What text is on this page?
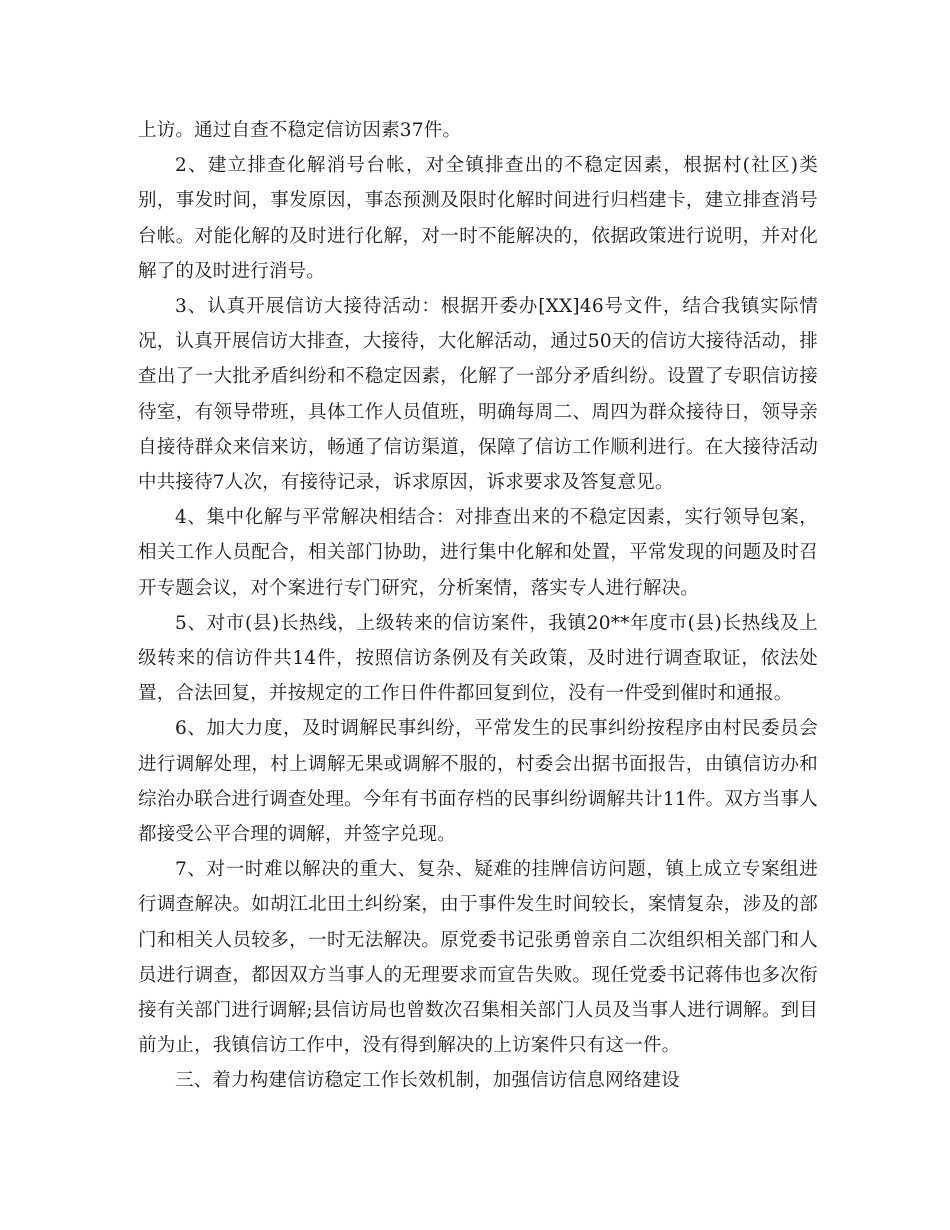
上访。通过自查不稳定信访因素37件。

2、建立排查化解消号台帐，对全镇排查出的不稳定因素，根据村(社区)类别，事发时间，事发原因，事态预测及限时化解时间进行归档建卡，建立排查消号台帐。对能化解的及时进行化解，对一时不能解决的，依据政策进行说明，并对化解了的及时进行消号。

3、认真开展信访大接待活动：根据开委办[XX]46号文件，结合我镇实际情况，认真开展信访大排查，大接待，大化解活动，通过50天的信访大接待活动，排查出了一大批矛盾纠纷和不稳定因素，化解了一部分矛盾纠纷。设置了专职信访接待室，有领导带班，具体工作人员值班，明确每周二、周四为群众接待日，领导亲自接待群众来信来访，畅通了信访渠道，保障了信访工作顺利进行。在大接待活动中共接待7人次，有接待记录，诉求原因，诉求要求及答复意见。

4、集中化解与平常解决相结合：对排查出来的不稳定因素，实行领导包案，相关工作人员配合，相关部门协助，进行集中化解和处置，平常发现的问题及时召开专题会议，对个案进行专门研究，分析案情，落实专人进行解决。

5、对市(县)长热线，上级转来的信访案件，我镇20**年度市(县)长热线及上级转来的信访件共14件，按照信访条例及有关政策，及时进行调查取证，依法处置，合法回复，并按规定的工作日件件都回复到位，没有一件受到催时和通报。

6、加大力度，及时调解民事纠纷，平常发生的民事纠纷按程序由村民委员会进行调解处理，村上调解无果或调解不服的，村委会出据书面报告，由镇信访办和综治办联合进行调查处理。今年有书面存档的民事纠纷调解共计11件。双方当事人都接受公平合理的调解，并签字兑现。

7、对一时难以解决的重大、复杂、疑难的挂牌信访问题，镇上成立专案组进行调查解决。如胡江北田土纠纷案，由于事件发生时间较长，案情复杂，涉及的部门和相关人员较多，一时无法解决。原党委书记张勇曾亲自二次组织相关部门和人员进行调查，都因双方当事人的无理要求而宣告失败。现任党委书记蒋伟也多次衔接有关部门进行调解;县信访局也曾数次召集相关部门人员及当事人进行调解。到目前为止，我镇信访工作中，没有得到解决的上访案件只有这一件。

三、着力构建信访稳定工作长效机制，加强信访信息网络建设
